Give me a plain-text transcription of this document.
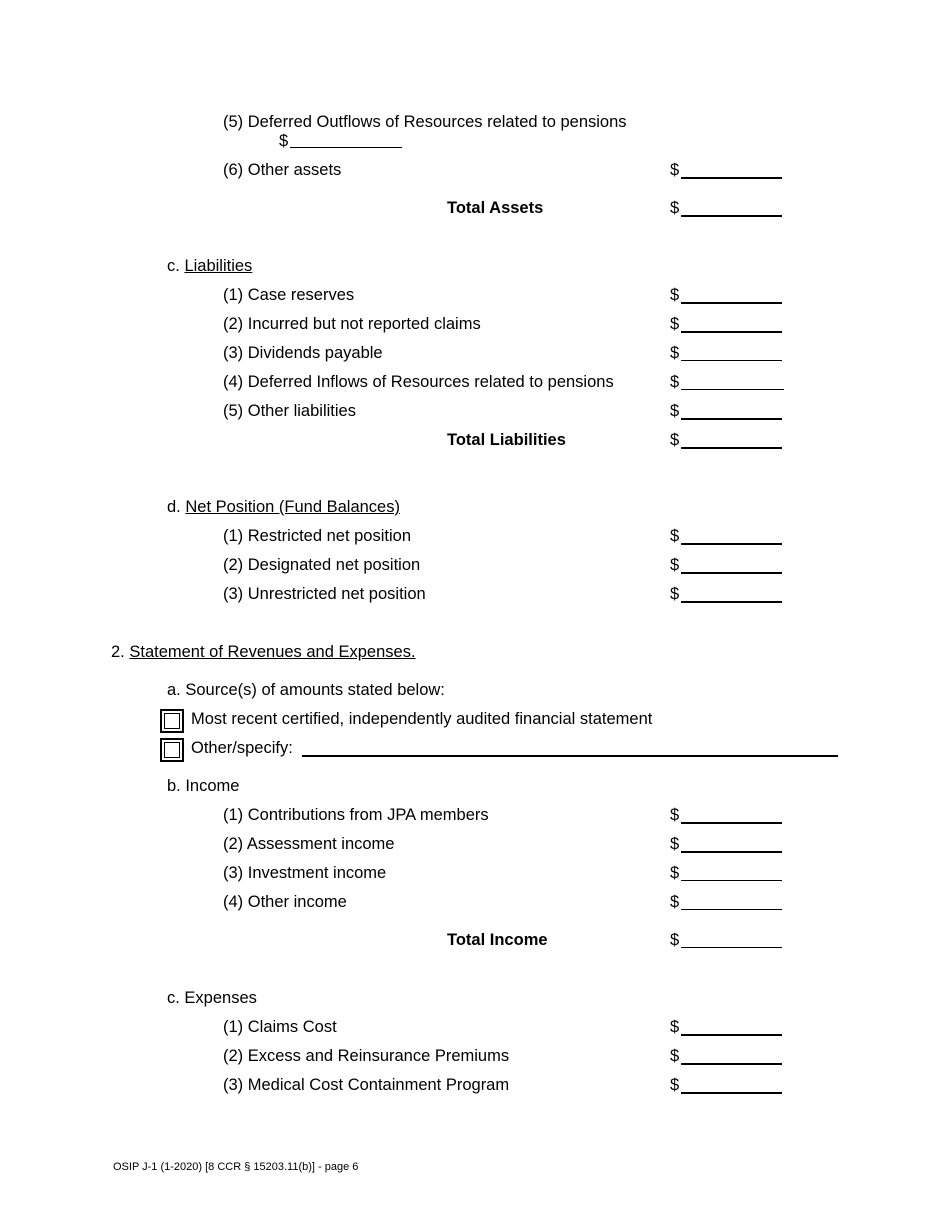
(5) Deferred Outflows of Resources related to pensions
$
(6) Other assets	$
Total Assets	$
c. Liabilities
(1) Case reserves	$
(2) Incurred but not reported claims	$
(3) Dividends payable	$
(4) Deferred Inflows of Resources related to pensions	$
(5) Other liabilities	$
Total Liabilities	$
d. Net Position (Fund Balances)
(1) Restricted net position	$
(2) Designated net position	$
(3) Unrestricted net position	$
2. Statement of Revenues and Expenses.
a. Source(s) of amounts stated below:
Most recent certified, independently audited financial statement
Other/specify:
b. Income
(1) Contributions from JPA members	$
(2) Assessment income	$
(3) Investment income	$
(4) Other income	$
Total Income	$
c. Expenses
(1) Claims Cost	$
(2) Excess and Reinsurance Premiums	$
(3) Medical Cost Containment Program	$
OSIP J-1 (1-2020) [8 CCR § 15203.11(b)] - page 6
